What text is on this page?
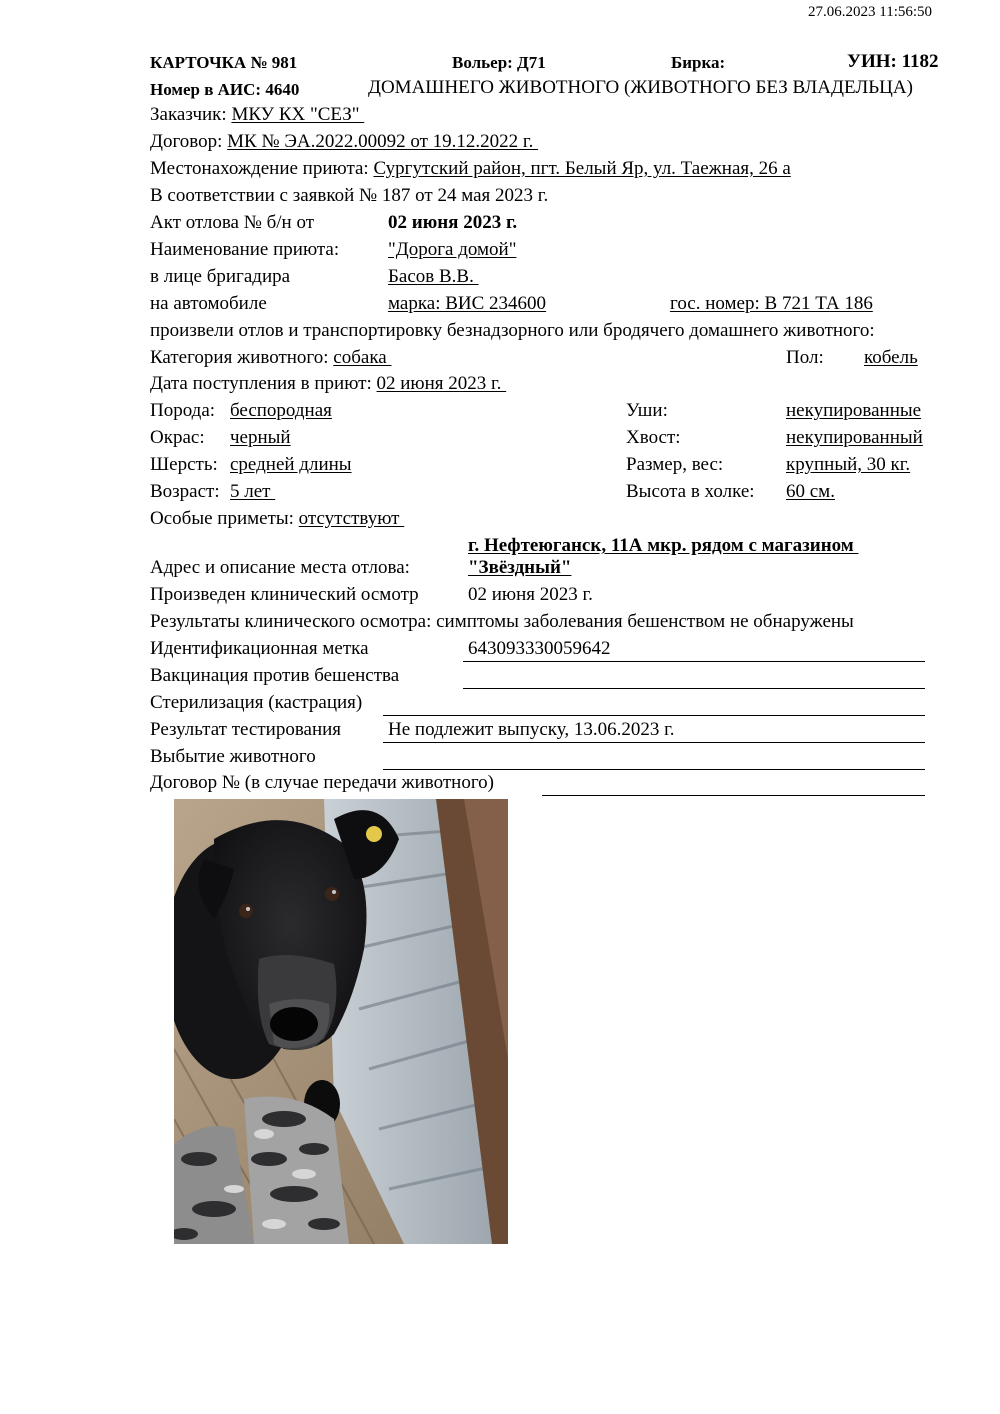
27.06.2023 11:56:50
КАРТОЧКА № 981	Вольер: Д71	Бирка:	УИН: 1182
Номер в АИС: 4640	ДОМАШНЕГО ЖИВОТНОГО (ЖИВОТНОГО БЕЗ ВЛАДЕЛЬЦА)
Заказчик: МКУ КХ "СЕЗ"
Договор: МК № ЭА.2022.00092 от 19.12.2022 г.
Местонахождение приюта: Сургутский район, пгт. Белый Яр, ул. Таежная, 26 а
В соответствии с заявкой № 187 от 24 мая 2023 г.
Акт отлова № б/н от	02 июня 2023 г.
Наименование приюта:	"Дорога домой"
в лице бригадира	Басов В.В.
на автомобиле	марка: ВИС 234600	гос. номер: В 721 ТА 186
произвели отлов и транспортировку безнадзорного или бродячего домашнего животного:
Категория животного: собака	Пол: кобель
Дата поступления в приют: 02 июня 2023 г.
Порода: беспородная
Окрас: черный
Шерсть: средней длины
Возраст: 5 лет
Уши:	некупированные
Хвост:	некупированный
Размер, вес:	крупный, 30 кг.
Высота в холке: 60 см.
Особые приметы: отсутствуют
г. Нефтеюганск, 11А мкр. рядом с магазином
Адрес и описание места отлова:	"Звёздный"
Произведен клинический осмотр	02 июня 2023 г.
Результаты клинического осмотра: симптомы заболевания бешенством не обнаружены
Идентификационная метка	643093330059642
Вакцинация против бешенства
Стерилизация (кастрация)
Результат тестирования Не подлежит выпуску, 13.06.2023 г.
Выбытие животного
Договор № (в случае передачи животного)
